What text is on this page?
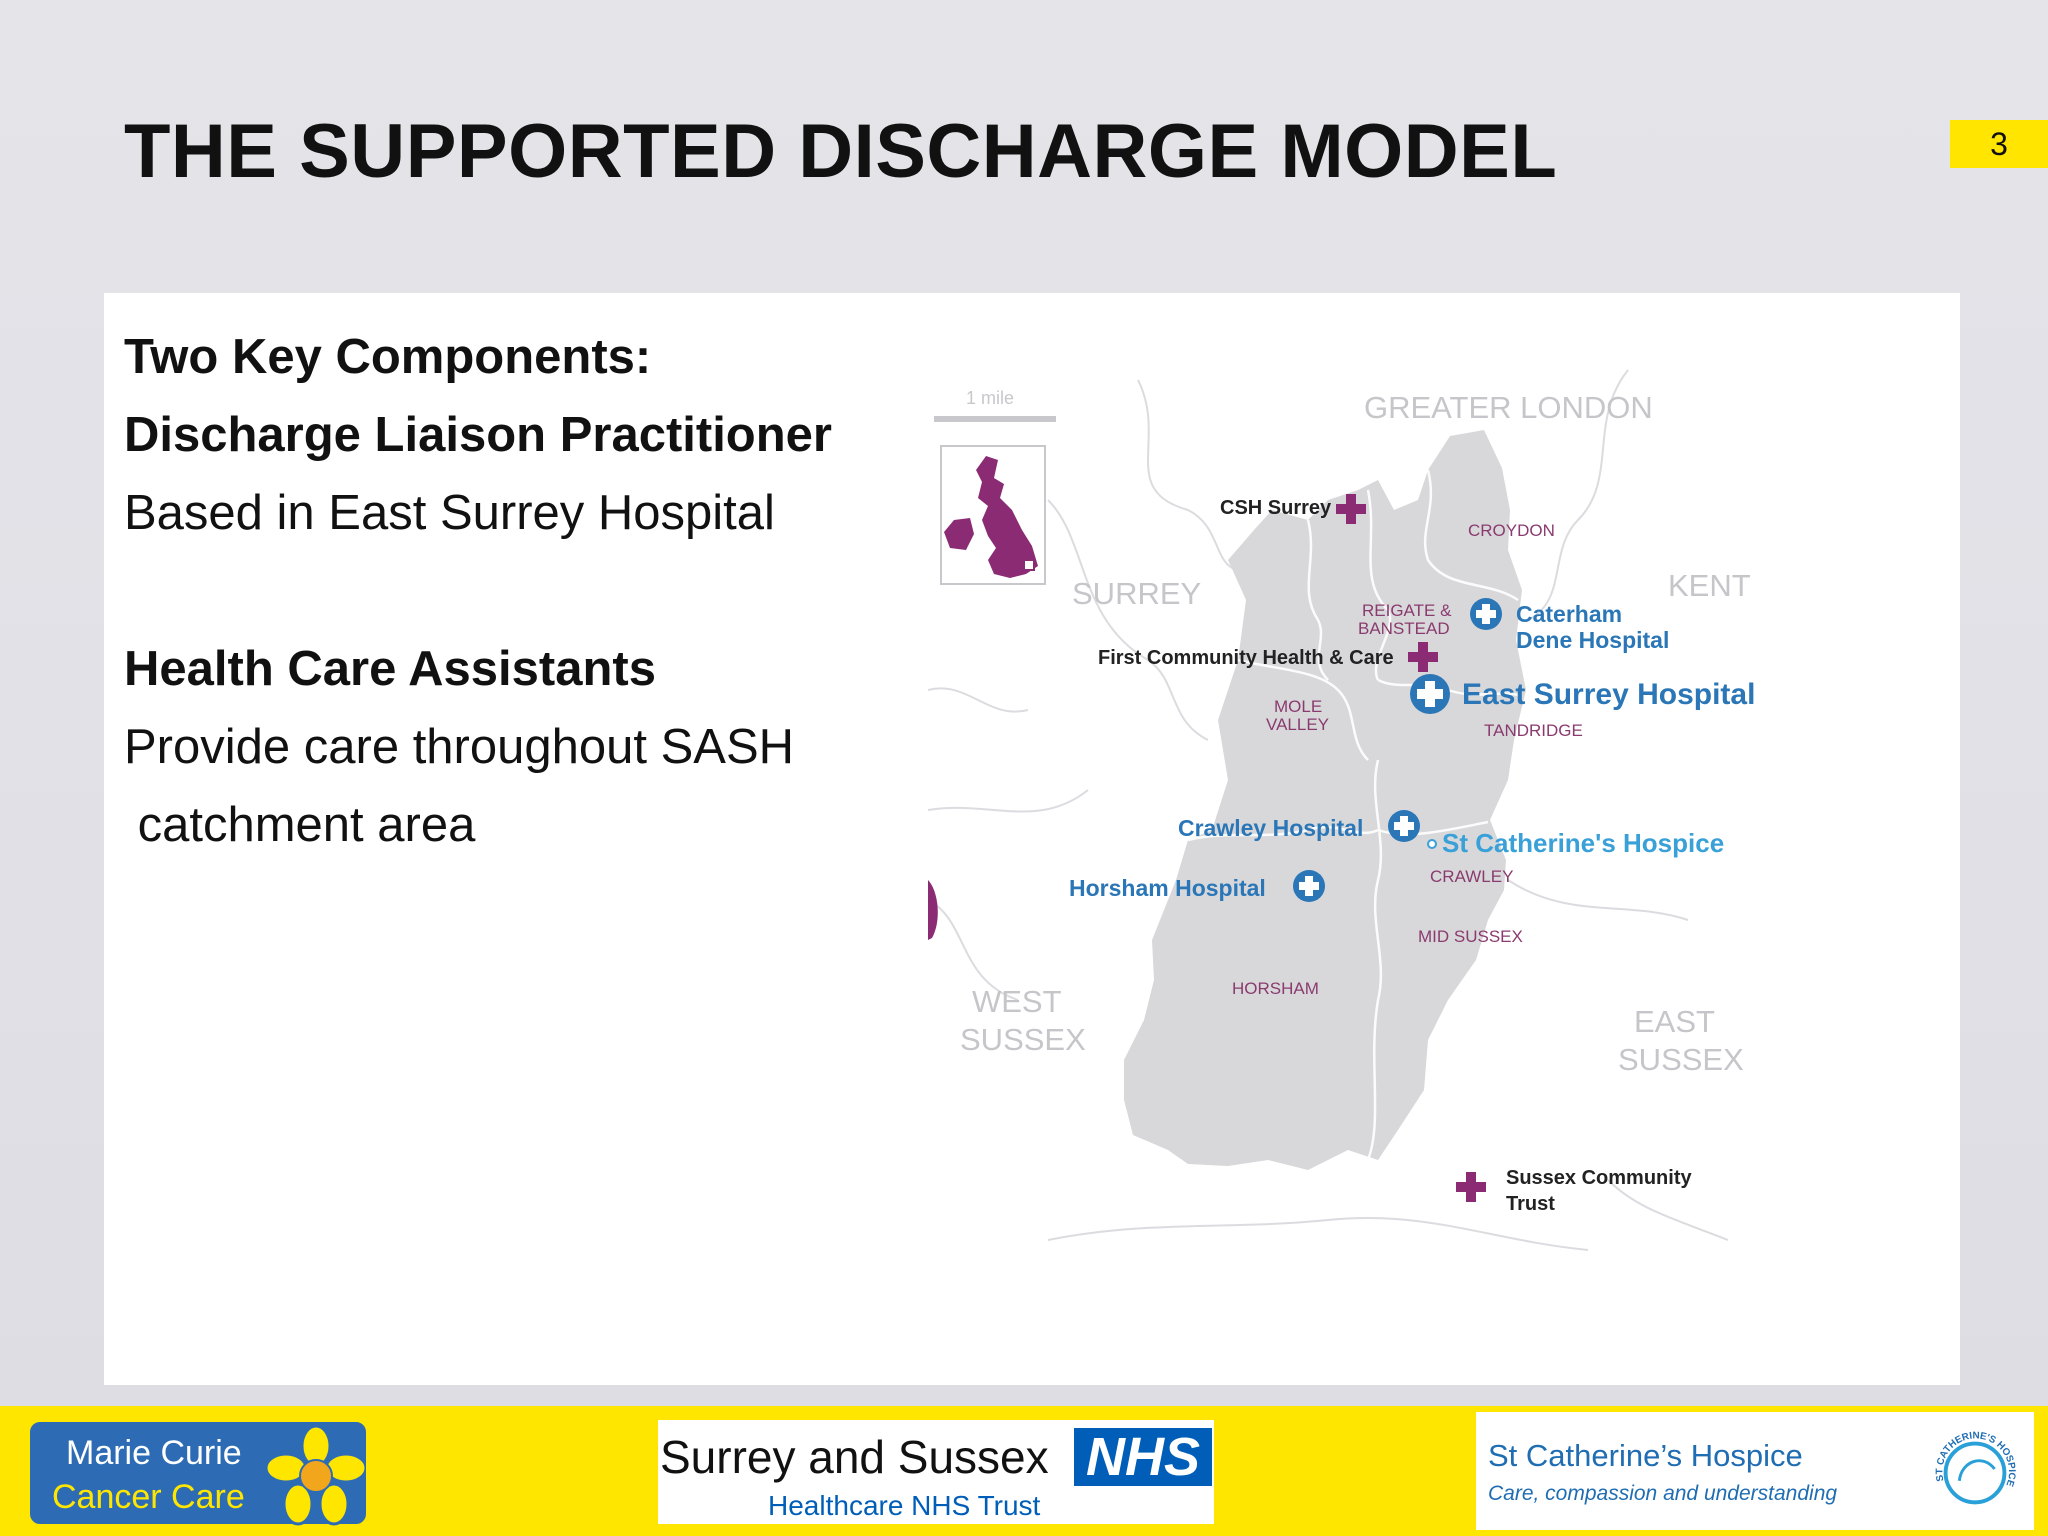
THE SUPPORTED DISCHARGE MODEL	3
Two Key Components:
Discharge Liaison Practitioner
Based in East Surrey Hospital
Health Care Assistants
Provide care throughout SASH
catchment area
1 mile	GREATER LONDON
SURREY	KENT
WEST
SUSSEX
EAST
SUSSEX
CROYDON
REIGATE &
BANSTEAD
MOLE
VALLEY	TANDRIDGE
CRAWLEY
MID SUSSEX
HORSHAM
CSH Surrey
First Community Health & Care
Sussex Community
Trust
Caterham
Dene Hospital
East Surrey Hospital
Crawley Hospital	St Catherine's Hospice
Horsham Hospital
Marie Curie
Cancer Care
Surrey and Sussex NHS
Healthcare NHS Trust
St Catherine’s Hospice
Care, compassion and understanding
ST CATHERINE'S HOSPICE
